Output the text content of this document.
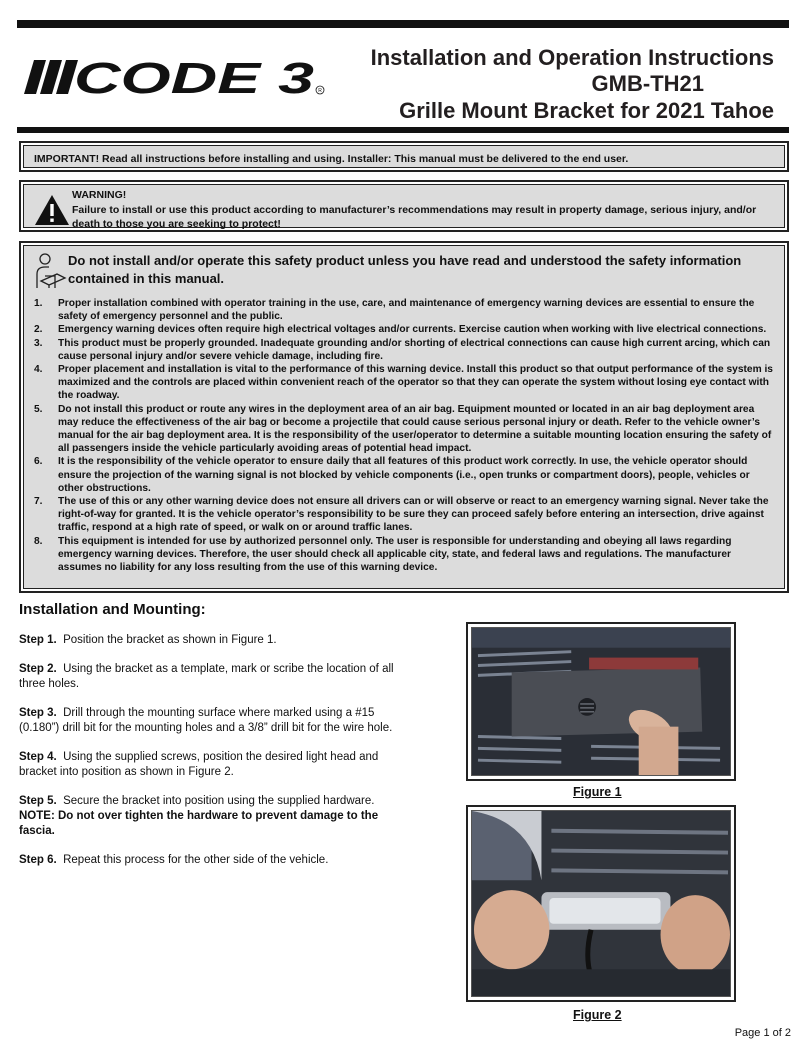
CODE 3 R
Installation and Operation Instructions
GMB-TH21
Grille Mount Bracket for 2021 Tahoe
IMPORTANT! Read all instructions before installing and using. Installer: This manual must be delivered to the end user.
WARNING!
Failure to install or use this product according to manufacturer’s recommendations may result in property damage, serious injury, and/or death to those you are seeking to protect!
Do not install and/or operate this safety product unless you have read and understood the safety information contained in this manual.
1. Proper installation combined with operator training in the use, care, and maintenance of emergency warning devices are essential to ensure the safety of emergency personnel and the public.
2. Emergency warning devices often require high electrical voltages and/or currents. Exercise caution when working with live electrical connections.
3. This product must be properly grounded. Inadequate grounding and/or shorting of electrical connections can cause high current arcing, which can cause personal injury and/or severe vehicle damage, including fire.
4. Proper placement and installation is vital to the performance of this warning device. Install this product so that output performance of the system is maximized and the controls are placed within convenient reach of the operator so that they can operate the system without losing eye contact with the roadway.
5. Do not install this product or route any wires in the deployment area of an air bag. Equipment mounted or located in an air bag deployment area may reduce the effectiveness of the air bag or become a projectile that could cause serious personal injury or death. Refer to the vehicle owner’s manual for the air bag deployment area. It is the responsibility of the user/operator to determine a suitable mounting location ensuring the safety of all passengers inside the vehicle particularly avoiding areas of potential head impact.
6. It is the responsibility of the vehicle operator to ensure daily that all features of this product work correctly. In use, the vehicle operator should ensure the projection of the warning signal is not blocked by vehicle components (i.e., open trunks or compartment doors), people, vehicles or other obstructions.
7. The use of this or any other warning device does not ensure all drivers can or will observe or react to an emergency warning signal. Never take the right-of-way for granted. It is the vehicle operator’s responsibility to be sure they can proceed safely before entering an intersection, drive against traffic, respond at a high rate of speed, or walk on or around traffic lanes.
8. This equipment is intended for use by authorized personnel only. The user is responsible for understanding and obeying all laws regarding emergency warning devices. Therefore, the user should check all applicable city, state, and federal laws and regulations. The manufacturer assumes no liability for any loss resulting from the use of this warning device.
Installation and Mounting:
Step 1. Position the bracket as shown in Figure 1.
Step 2. Using the bracket as a template, mark or scribe the location of all three holes.
Step 3. Drill through the mounting surface where marked using a #15 (0.180”) drill bit for the mounting holes and a 3/8” drill bit for the wire hole.
Step 4. Using the supplied screws, position the desired light head and bracket into position as shown in Figure 2.
Step 5. Secure the bracket into position using the supplied hardware. NOTE: Do not over tighten the hardware to prevent damage to the fascia.
Step 6. Repeat this process for the other side of the vehicle.
Figure 1
Figure 2
Page 1 of 2
